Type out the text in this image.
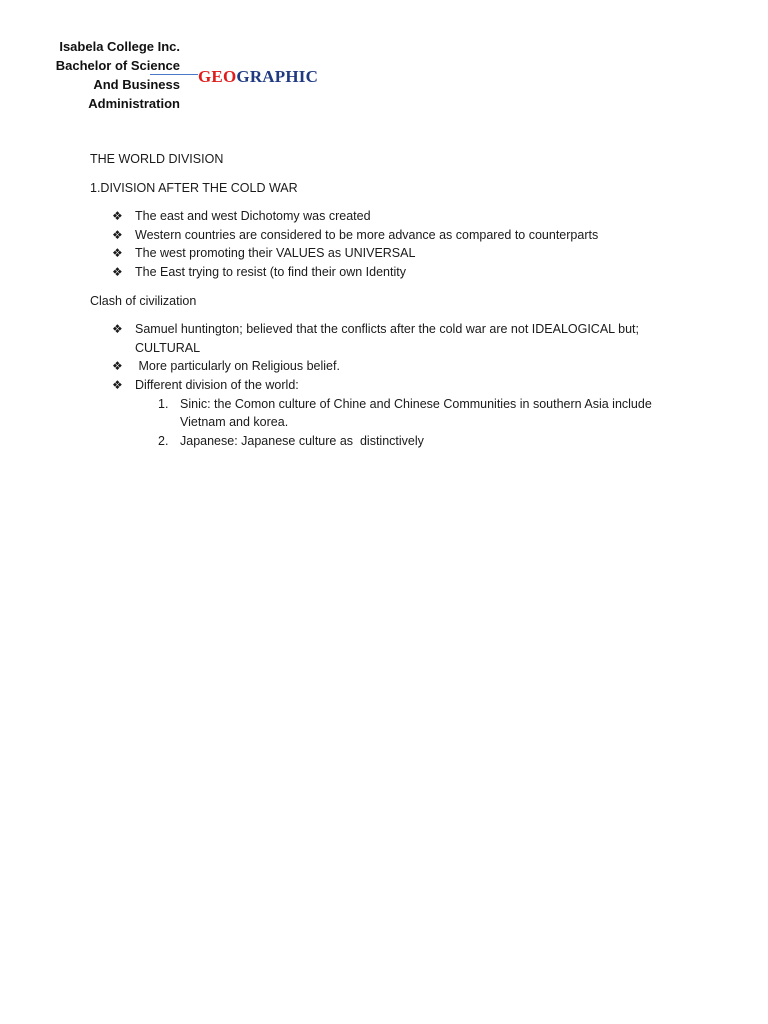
Isabela College Inc.
Bachelor of Science
And Business
Administration
GEOGRAPHIC

THE WORLD DIVISION

1.DIVISION AFTER THE COLD WAR

❖ The east and west Dichotomy was created
❖ Western countries are considered to be more advance as compared to counterparts
❖ The west promoting their VALUES as UNIVERSAL
❖ The East trying to resist (to find their own Identity

Clash of civilization

❖ Samuel huntington; believed that the conflicts after the cold war are not IDEALOGICAL but;
CULTURAL
❖ More particularly on Religious belief.
❖ Different division of the world:
1. Sinic: the Comon culture of Chine and Chinese Communities in southern Asia include
Vietnam and korea.
2. Japanese: Japanese culture as  distinctively
